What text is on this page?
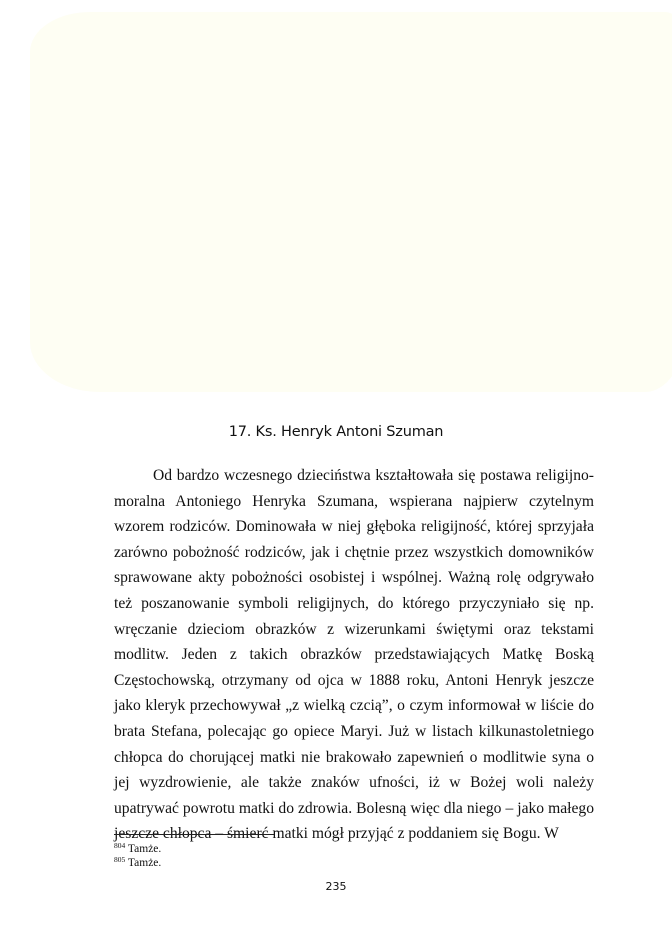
17. Ks. Henryk Antoni Szuman

Od bardzo wczesnego dzieciństwa kształtowała się postawa religijno-moralna Antoniego Henryka Szumana, wspierana najpierw czytelnym wzorem rodziców. Dominowała w niej głęboka religijność, której sprzyjała zarówno pobożność rodziców, jak i chętnie przez wszystkich domowników sprawowane akty pobożności osobistej i wspólnej. Ważną rolę odgrywało też poszanowanie symboli religijnych, do którego przyczyniało się np. wręczanie dzieciom obrazków z wizerunkami świętymi oraz tekstami modlitw. Jeden z takich obrazków przedstawiających Matkę Boską Częstochowską, otrzymany od ojca w 1888 roku, Antoni Henryk jeszcze jako kleryk przechowywał „z wielką czcią”, o czym informował w liście do brata Stefana, polecając go opiece Maryi. Już w listach kilkunastoletniego chłopca do chorującej matki nie brakowało zapewnień o modlitwie syna o jej wyzdrowienie, ale także znaków ufności, iż w Bożej woli należy upatrywać powrotu matki do zdrowia. Bolesną więc dla niego – jako małego jeszcze chłopca – śmierć matki mógł przyjąć z poddaniem się Bogu. W

$^{804}$ Tamże.
$^{805}$ Tamże.
235
